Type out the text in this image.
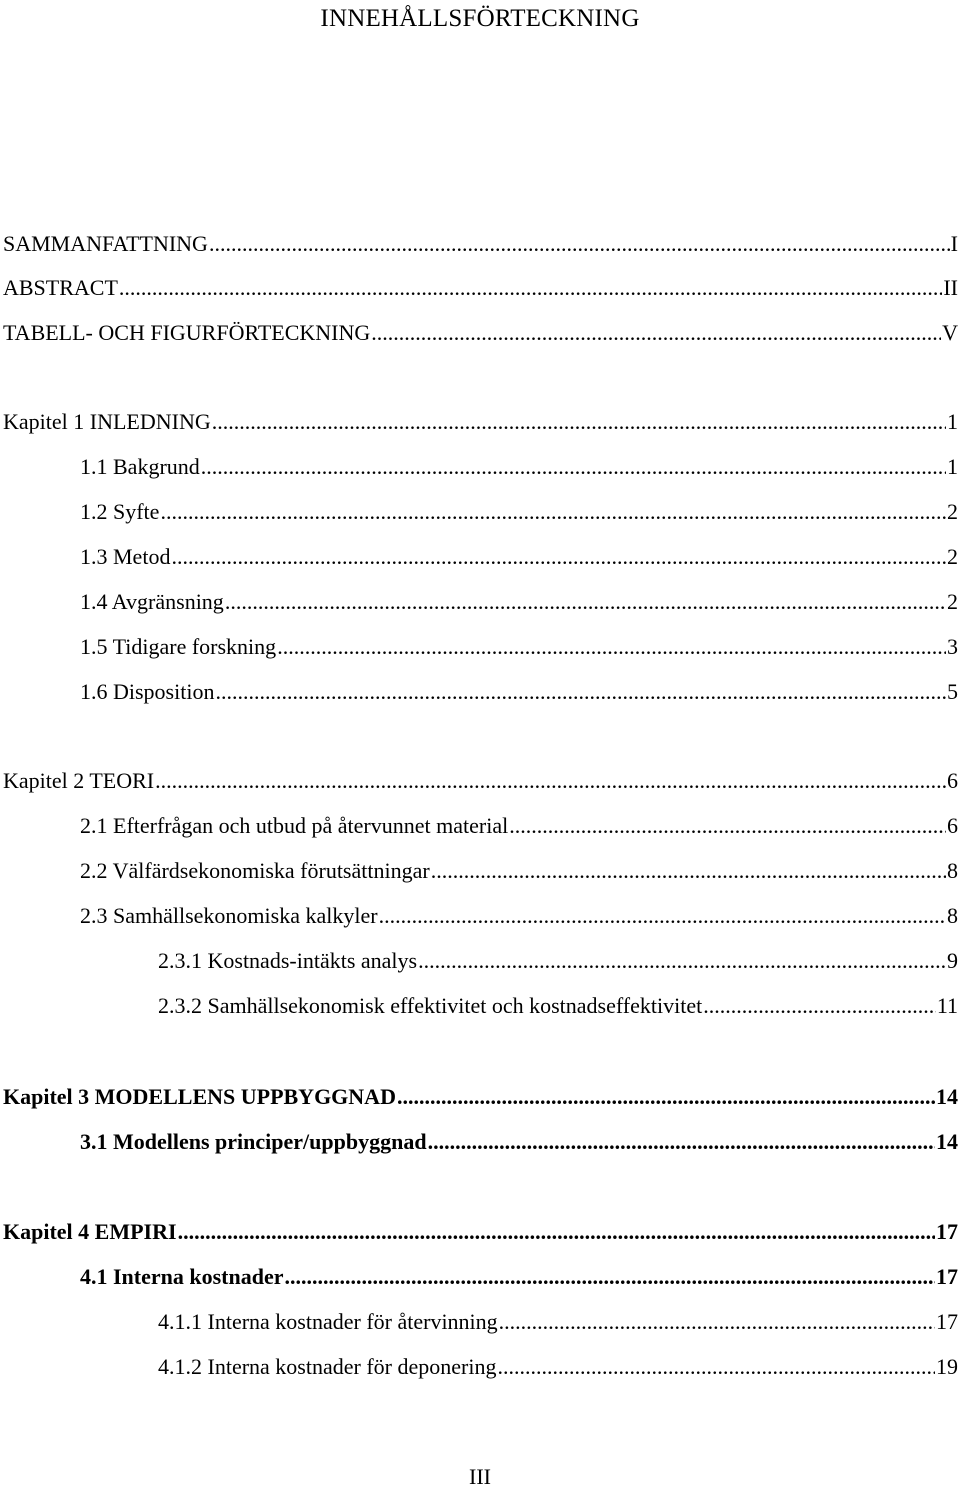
INNEHÅLLSFÖRTECKNING
SAMMANFATTNING .....	I
ABSTRACT .....	II
TABELL- OCH FIGURFÖRTECKNING .....	V
Kapitel 1 INLEDNING .....	1
1.1 Bakgrund .....	1
1.2 Syfte .....	2
1.3 Metod .....	2
1.4 Avgränsning .....	2
1.5 Tidigare forskning .....	3
1.6 Disposition .....	5
Kapitel 2 TEORI .....	6
2.1 Efterfrågan och utbud på återvunnet material .....	6
2.2 Välfärdsekonomiska förutsättningar .....	8
2.3 Samhällsekonomiska kalkyler .....	8
2.3.1 Kostnads-intäkts analys .....	9
2.3.2 Samhällsekonomisk effektivitet och kostnadseffektivitet .....	11
Kapitel 3 MODELLENS UPPBYGGNAD .....	14
3.1 Modellens principer/uppbyggnad .....	14
Kapitel 4 EMPIRI .....	17
4.1 Interna kostnader .....	17
4.1.1 Interna kostnader för återvinning .....	17
4.1.2 Interna kostnader för deponering .....	19
III
